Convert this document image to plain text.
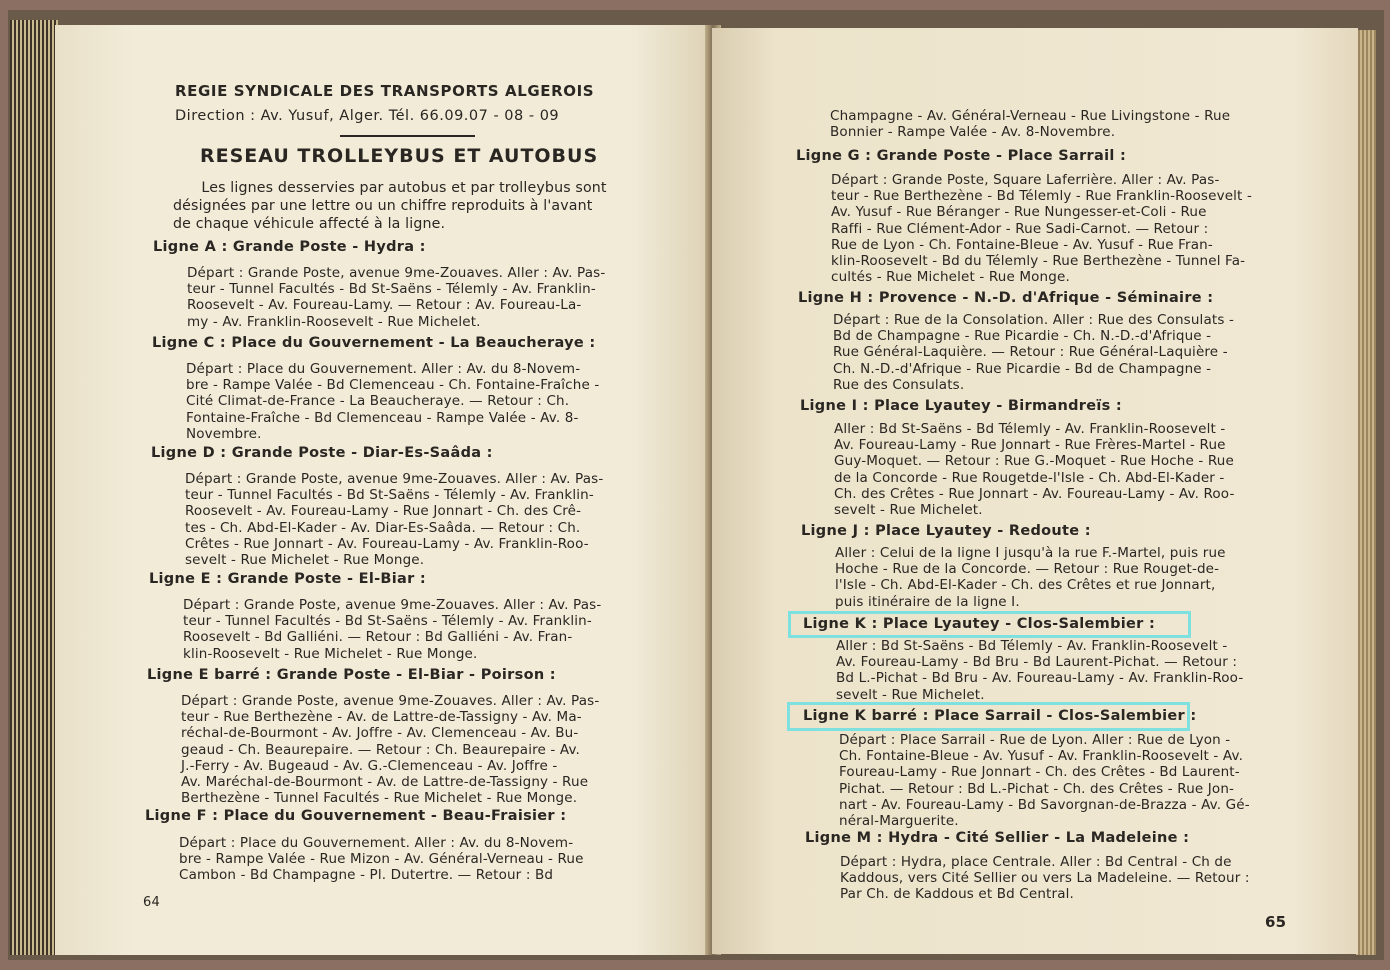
REGIE SYNDICALE DES TRANSPORTS ALGEROIS
Direction : Av. Yusuf, Alger. Tél. 66.09.07 - 08 - 09
RESEAU TROLLEYBUS ET AUTOBUS
Les lignes desservies par autobus et par trolleybus sont
désignées par une lettre ou un chiffre reproduits à l'avant
de chaque véhicule affecté à la ligne.
Ligne A : Grande Poste - Hydra :
Départ : Grande Poste, avenue 9me-Zouaves. Aller : Av. Pas-
teur - Tunnel Facultés - Bd St-Saëns - Télemly - Av. Franklin-
Roosevelt - Av. Foureau-Lamy. — Retour : Av. Foureau-La-
my - Av. Franklin-Roosevelt - Rue Michelet.
Ligne C : Place du Gouvernement - La Beaucheraye :
Départ : Place du Gouvernement. Aller : Av. du 8-Novem-
bre - Rampe Valée - Bd Clemenceau - Ch. Fontaine-Fraîche -
Cité Climat-de-France - La Beaucheraye. — Retour : Ch.
Fontaine-Fraîche - Bd Clemenceau - Rampe Valée - Av. 8-
Novembre.
Ligne D : Grande Poste - Diar-Es-Saâda :
Départ : Grande Poste, avenue 9me-Zouaves. Aller : Av. Pas-
teur - Tunnel Facultés - Bd St-Saëns - Télemly - Av. Franklin-
Roosevelt - Av. Foureau-Lamy - Rue Jonnart - Ch. des Crê-
tes - Ch. Abd-El-Kader - Av. Diar-Es-Saâda. — Retour : Ch.
Crêtes - Rue Jonnart - Av. Foureau-Lamy - Av. Franklin-Roo-
sevelt - Rue Michelet - Rue Monge.
Ligne E : Grande Poste - El-Biar :
Départ : Grande Poste, avenue 9me-Zouaves. Aller : Av. Pas-
teur - Tunnel Facultés - Bd St-Saëns - Télemly - Av. Franklin-
Roosevelt - Bd Galliéni. — Retour : Bd Galliéni - Av. Fran-
klin-Roosevelt - Rue Michelet - Rue Monge.
Ligne E barré : Grande Poste - El-Biar - Poirson :
Départ : Grande Poste, avenue 9me-Zouaves. Aller : Av. Pas-
teur - Rue Berthezène - Av. de Lattre-de-Tassigny - Av. Ma-
réchal-de-Bourmont - Av. Joffre - Av. Clemenceau - Av. Bu-
geaud - Ch. Beaurepaire. — Retour : Ch. Beaurepaire - Av.
J.-Ferry - Av. Bugeaud - Av. G.-Clemenceau - Av. Joffre -
Av. Maréchal-de-Bourmont - Av. de Lattre-de-Tassigny - Rue
Berthezène - Tunnel Facultés - Rue Michelet - Rue Monge.
Ligne F : Place du Gouvernement - Beau-Fraisier :
Départ : Place du Gouvernement. Aller : Av. du 8-Novem-
bre - Rampe Valée - Rue Mizon - Av. Général-Verneau - Rue
Cambon - Bd Champagne - Pl. Dutertre. — Retour : Bd
64
Champagne - Av. Général-Verneau - Rue Livingstone - Rue
Bonnier - Rampe Valée - Av. 8-Novembre.
Ligne G : Grande Poste - Place Sarrail :
Départ : Grande Poste, Square Laferrière. Aller : Av. Pas-
teur - Rue Berthezène - Bd Télemly - Rue Franklin-Roosevelt -
Av. Yusuf - Rue Béranger - Rue Nungesser-et-Coli - Rue
Raffi - Rue Clément-Ador - Rue Sadi-Carnot. — Retour :
Rue de Lyon - Ch. Fontaine-Bleue - Av. Yusuf - Rue Fran-
klin-Roosevelt - Bd du Télemly - Rue Berthezène - Tunnel Fa-
cultés - Rue Michelet - Rue Monge.
Ligne H : Provence - N.-D. d'Afrique - Séminaire :
Départ : Rue de la Consolation. Aller : Rue des Consulats -
Bd de Champagne - Rue Picardie - Ch. N.-D.-d'Afrique -
Rue Général-Laquière. — Retour : Rue Général-Laquière -
Ch. N.-D.-d'Afrique - Rue Picardie - Bd de Champagne -
Rue des Consulats.
Ligne I : Place Lyautey - Birmandreïs :
Aller : Bd St-Saëns - Bd Télemly - Av. Franklin-Roosevelt -
Av. Foureau-Lamy - Rue Jonnart - Rue Frères-Martel - Rue
Guy-Moquet. — Retour : Rue G.-Moquet - Rue Hoche - Rue
de la Concorde - Rue Rougetde-l'Isle - Ch. Abd-El-Kader -
Ch. des Crêtes - Rue Jonnart - Av. Foureau-Lamy - Av. Roo-
sevelt - Rue Michelet.
Ligne J : Place Lyautey - Redoute :
Aller : Celui de la ligne I jusqu'à la rue F.-Martel, puis rue
Hoche - Rue de la Concorde. — Retour : Rue Rouget-de-
l'Isle - Ch. Abd-El-Kader - Ch. des Crêtes et rue Jonnart,
puis itinéraire de la ligne I.
Ligne K : Place Lyautey - Clos-Salembier :
Aller : Bd St-Saëns - Bd Télemly - Av. Franklin-Roosevelt -
Av. Foureau-Lamy - Bd Bru - Bd Laurent-Pichat. — Retour :
Bd L.-Pichat - Bd Bru - Av. Foureau-Lamy - Av. Franklin-Roo-
sevelt - Rue Michelet.
Ligne K barré : Place Sarrail - Clos-Salembier :
Départ : Place Sarrail - Rue de Lyon. Aller : Rue de Lyon -
Ch. Fontaine-Bleue - Av. Yusuf - Av. Franklin-Roosevelt - Av.
Foureau-Lamy - Rue Jonnart - Ch. des Crêtes - Bd Laurent-
Pichat. — Retour : Bd L.-Pichat - Ch. des Crêtes - Rue Jon-
nart - Av. Foureau-Lamy - Bd Savorgnan-de-Brazza - Av. Gé-
néral-Marguerite.
Ligne M : Hydra - Cité Sellier - La Madeleine :
Départ : Hydra, place Centrale. Aller : Bd Central - Ch de
Kaddous, vers Cité Sellier ou vers La Madeleine. — Retour :
Par Ch. de Kaddous et Bd Central.
65
